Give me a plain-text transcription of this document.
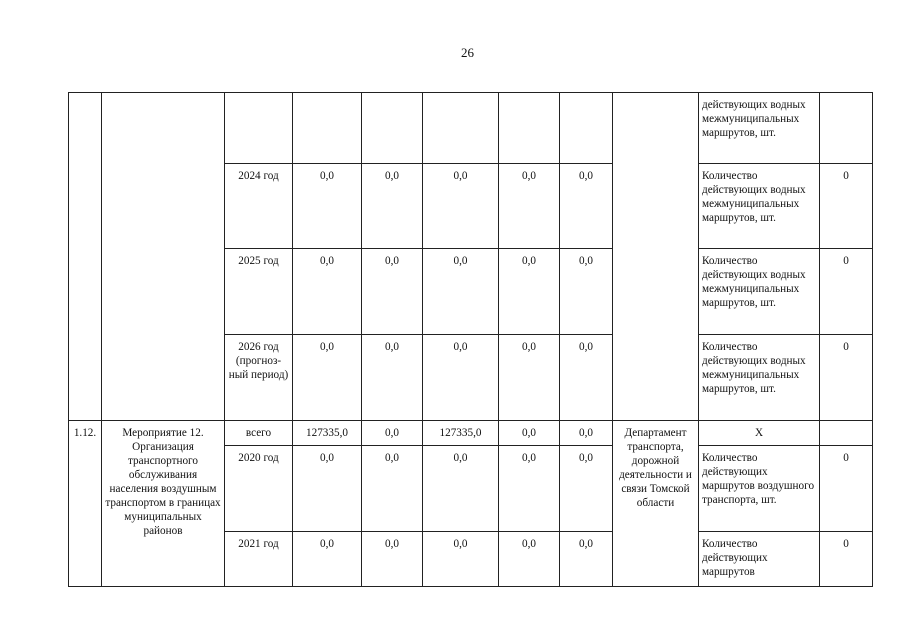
26
									действующих водных межмуниципальных маршрутов, шт.	
		2024 год	0,0	0,0	0,0	0,0	0,0		Количество действующих водных межмуниципальных маршрутов, шт.	0
		2025 год	0,0	0,0	0,0	0,0	0,0		Количество действующих водных межмуниципальных маршрутов, шт.	0
		2026 год (прогноз-ный период)	0,0	0,0	0,0	0,0	0,0		Количество действующих водных межмуниципальных маршрутов, шт.	0
1.12.	Мероприятие 12. Организация транспортного обслуживания населения воздушным транспортом в границах муниципальных районов	всего	127335,0	0,0	127335,0	0,0	0,0	Департамент транспорта, дорожной деятельности и связи Томской области	Х	
		2020 год	0,0	0,0	0,0	0,0	0,0		Количество действующих маршрутов воздушного транспорта, шт.	0
		2021 год	0,0	0,0	0,0	0,0	0,0		Количество действующих маршрутов	0
